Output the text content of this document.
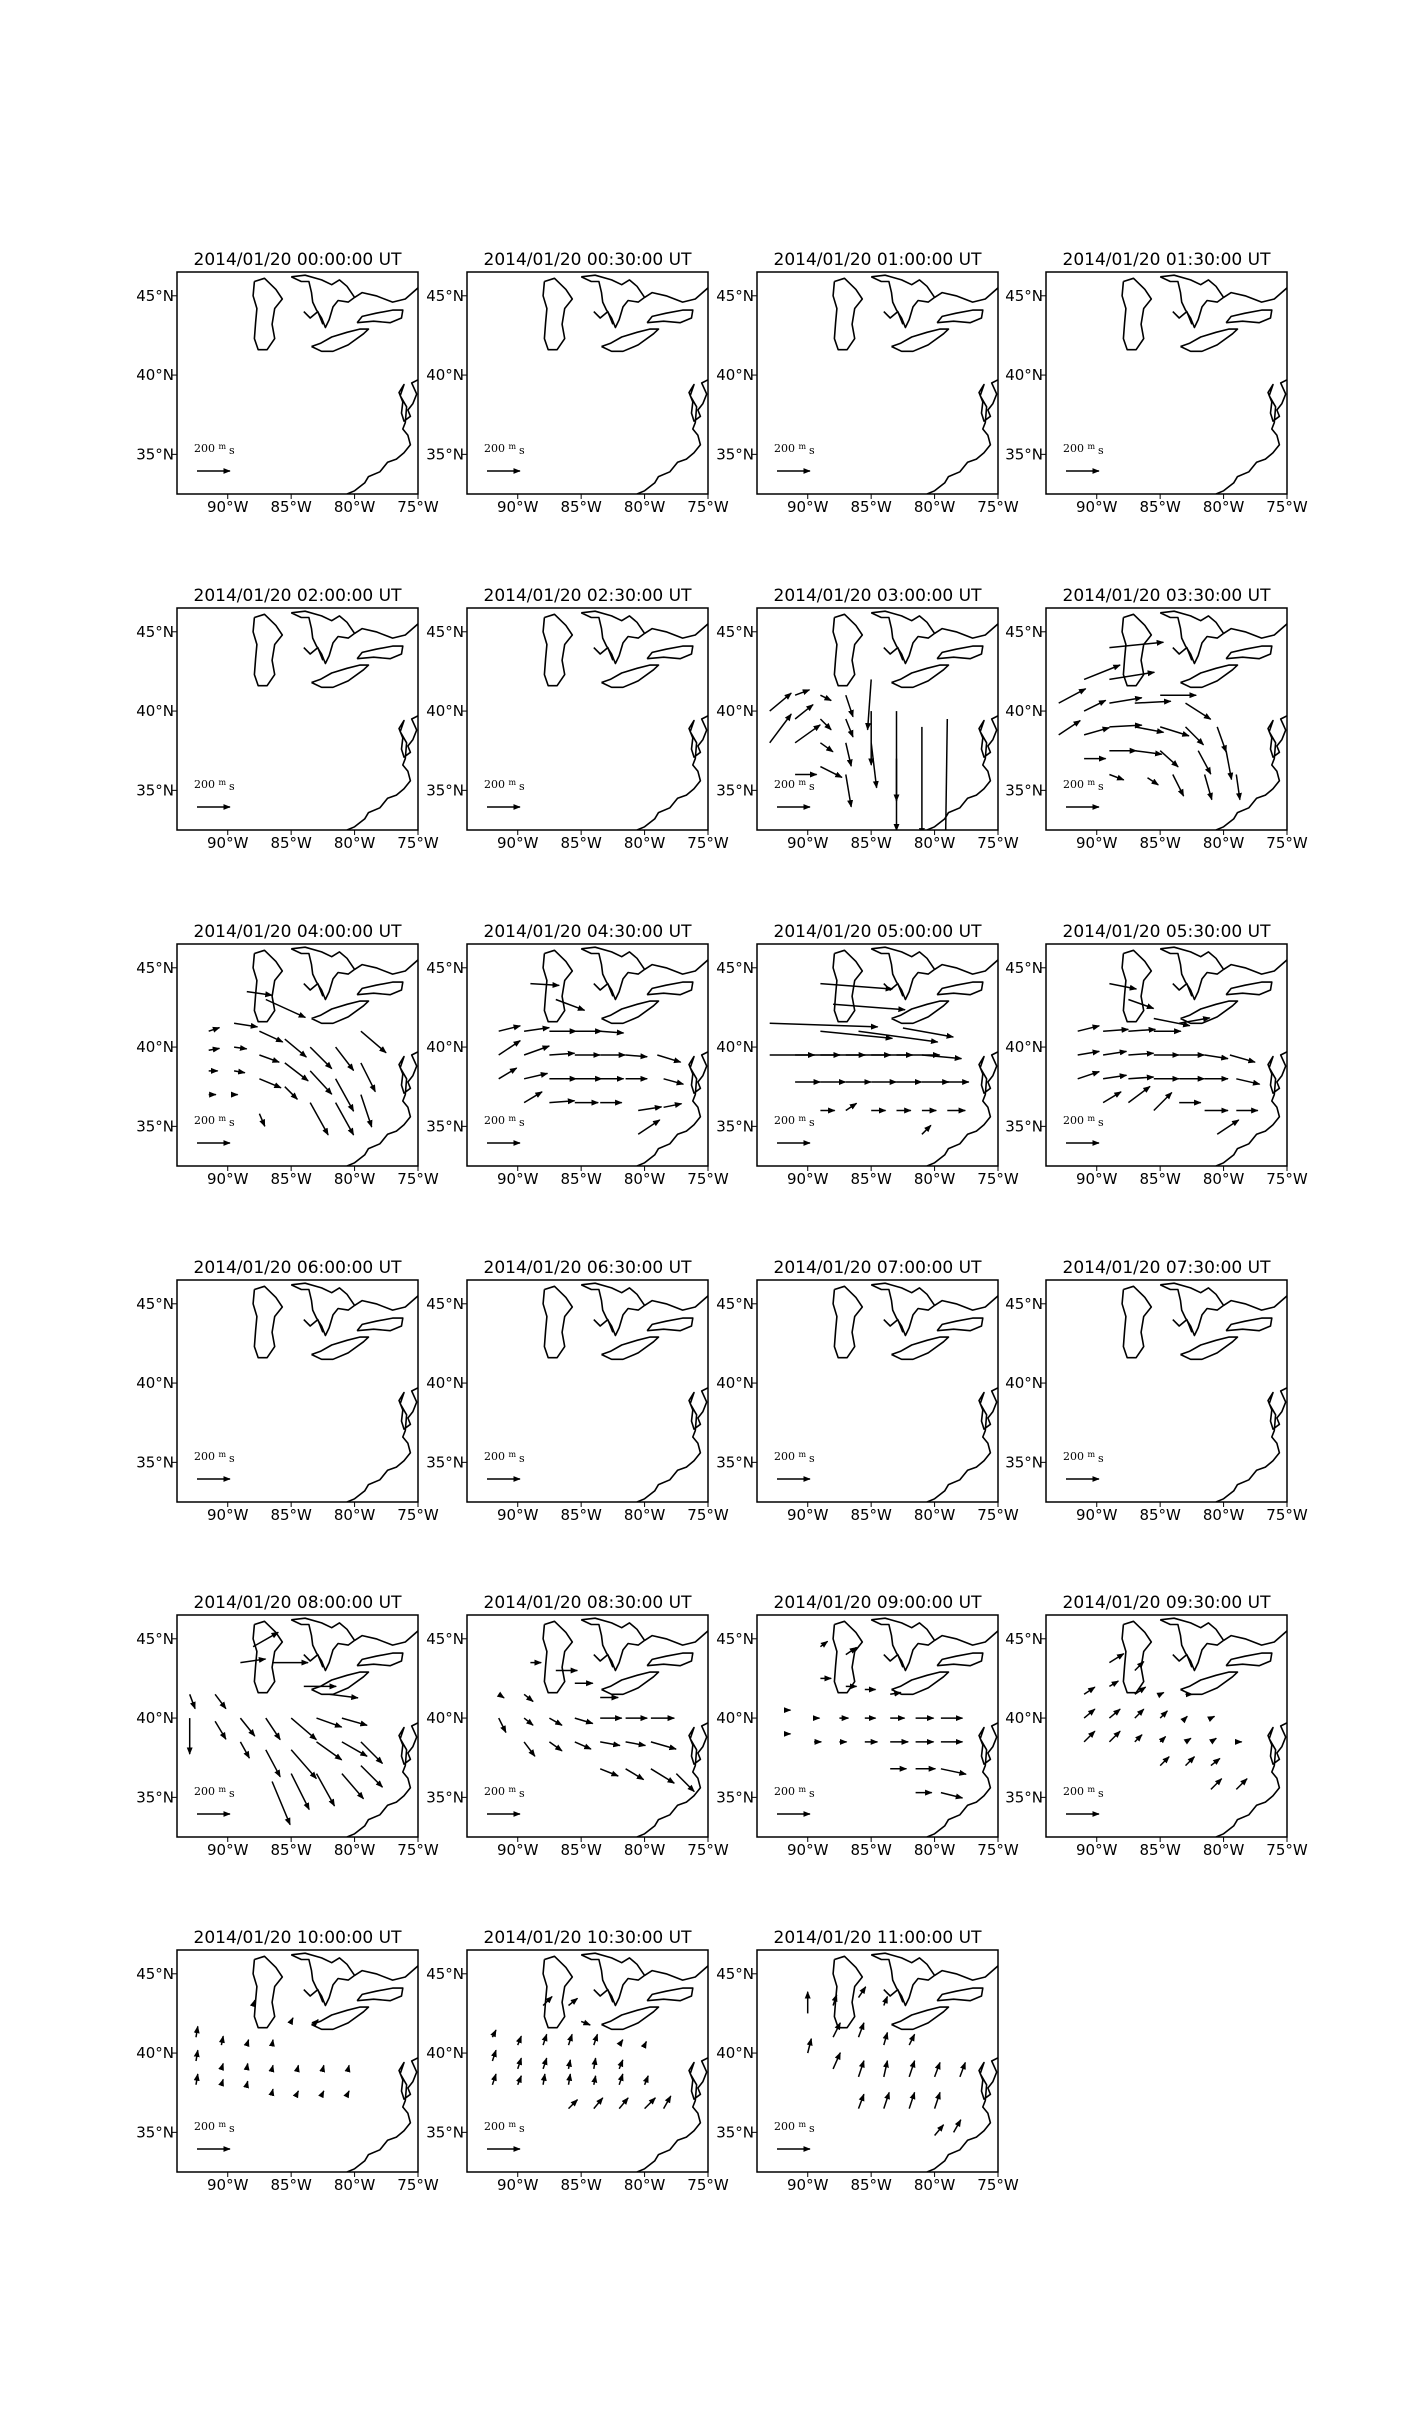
2014/01/20 00:00:00 UT
200 $^m$ s
90°W 85°W 80°W 75°W
35°N
40°N
45°N
2014/01/20 00:30:00 UT
200 $^m$ s
90°W 85°W 80°W 75°W
35°N
40°N
45°N
2014/01/20 01:00:00 UT
200 $^m$ s
90°W 85°W 80°W 75°W
35°N
40°N
45°N
2014/01/20 01:30:00 UT
200 $^m$ s
90°W 85°W 80°W 75°W
35°N
40°N
45°N
2014/01/20 02:00:00 UT
200 $^m$ s
90°W 85°W 80°W 75°W
35°N
40°N
45°N
2014/01/20 02:30:00 UT
200 $^m$ s
90°W 85°W 80°W 75°W
35°N
40°N
45°N
2014/01/20 03:00:00 UT
200 $^m$ s
90°W 85°W 80°W 75°W
35°N
40°N
45°N
2014/01/20 03:30:00 UT
200 $^m$ s
90°W 85°W 80°W 75°W
35°N
40°N
45°N
2014/01/20 04:00:00 UT
200 $^m$ s
90°W 85°W 80°W 75°W
35°N
40°N
45°N
2014/01/20 04:30:00 UT
200 $^m$ s
90°W 85°W 80°W 75°W
35°N
40°N
45°N
2014/01/20 05:00:00 UT
200 $^m$ s
90°W 85°W 80°W 75°W
35°N
40°N
45°N
2014/01/20 05:30:00 UT
200 $^m$ s
90°W 85°W 80°W 75°W
35°N
40°N
45°N
2014/01/20 06:00:00 UT
200 $^m$ s
90°W 85°W 80°W 75°W
35°N
40°N
45°N
2014/01/20 06:30:00 UT
200 $^m$ s
90°W 85°W 80°W 75°W
35°N
40°N
45°N
2014/01/20 07:00:00 UT
200 $^m$ s
90°W 85°W 80°W 75°W
35°N
40°N
45°N
2014/01/20 07:30:00 UT
200 $^m$ s
90°W 85°W 80°W 75°W
35°N
40°N
45°N
2014/01/20 08:00:00 UT
200 $^m$ s
90°W 85°W 80°W 75°W
35°N
40°N
45°N
2014/01/20 08:30:00 UT
200 $^m$ s
90°W 85°W 80°W 75°W
35°N
40°N
45°N
2014/01/20 09:00:00 UT
200 $^m$ s
90°W 85°W 80°W 75°W
35°N
40°N
45°N
2014/01/20 09:30:00 UT
200 $^m$ s
90°W 85°W 80°W 75°W
35°N
40°N
45°N
2014/01/20 10:00:00 UT
200 $^m$ s
90°W 85°W 80°W 75°W
35°N
40°N
45°N
2014/01/20 10:30:00 UT
200 $^m$ s
90°W 85°W 80°W 75°W
35°N
40°N
45°N
2014/01/20 11:00:00 UT
200 $^m$ s
90°W 85°W 80°W 75°W
35°N
40°N
45°N
